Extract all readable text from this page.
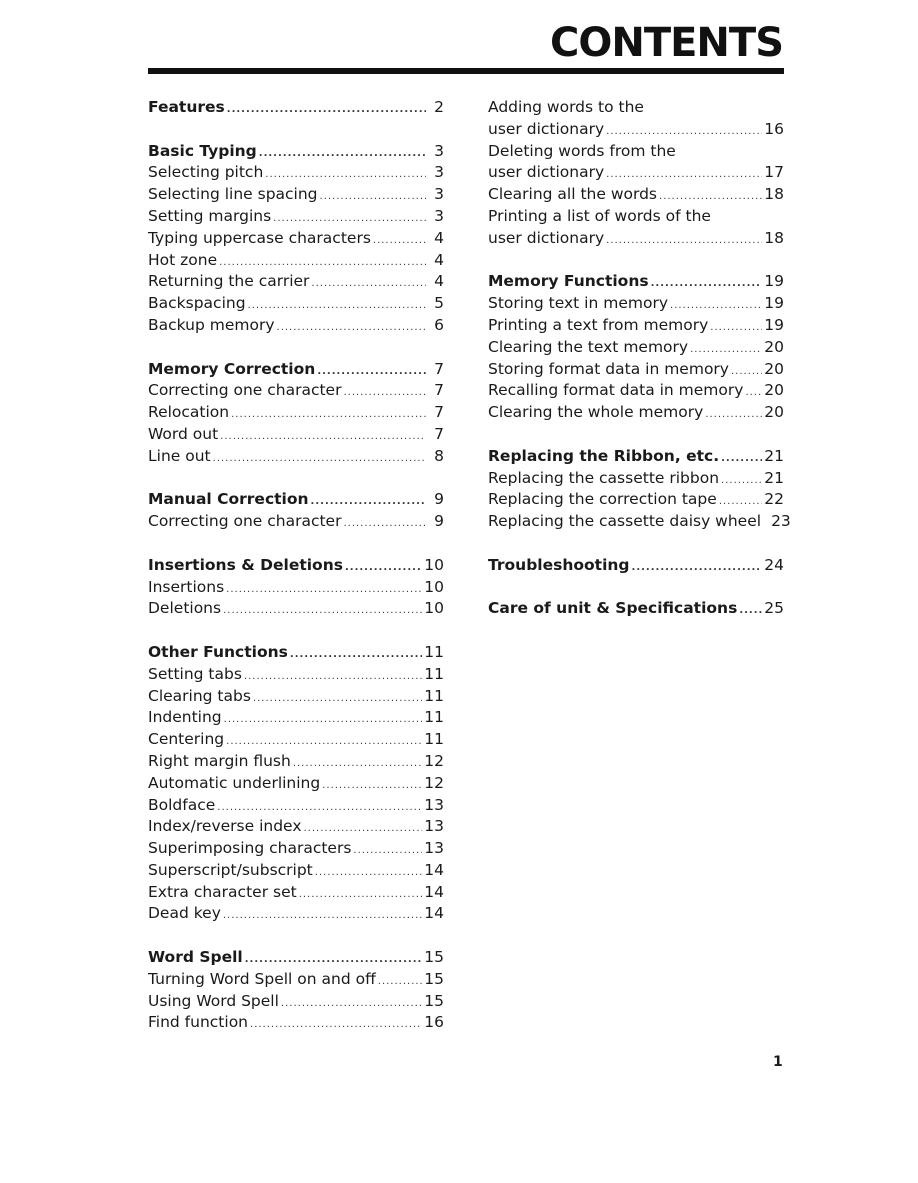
CONTENTS
Features .....	2
Basic Typing .....	3
Selecting pitch .....	3
Selecting line spacing .....	3
Setting margins .....	3
Typing uppercase characters .....	4
Hot zone .....	4
Returning the carrier .....	4
Backspacing .....	5
Backup memory .....	6
Memory Correction .....	7
Correcting one character .....	7
Relocation .....	7
Word out .....	7
Line out .....	8
Manual Correction .....	9
Correcting one character .....	9
Insertions & Deletions .....	10
Insertions .....	10
Deletions .....	10
Other Functions .....	11
Setting tabs .....	11
Clearing tabs .....	11
Indenting .....	11
Centering .....	11
Right margin flush .....	12
Automatic underlining .....	12
Boldface .....	13
Index/reverse index .....	13
Superimposing characters .....	13
Superscript/subscript .....	14
Extra character set .....	14
Dead key .....	14
Word Spell .....	15
Turning Word Spell on and off .....	15
Using Word Spell .....	15
Find function .....	16
Adding words to the
user dictionary .....	16
Deleting words from the
user dictionary .....	17
Clearing all the words .....	18
Printing a list of words of the
user dictionary .....	18
Memory Functions .....	19
Storing text in memory .....	19
Printing a text from memory .....	19
Clearing the text memory .....	20
Storing format data in memory ..... 20
Recalling format data in memory ..... 20
Clearing the whole memory .....	20
Replacing the Ribbon, etc. .....	21
Replacing the cassette ribbon .....	21
Replacing the correction tape .....	22
Replacing the cassette daisy wheel 23
Troubleshooting .....	24
Care of unit & Specifications ..... 25
1
